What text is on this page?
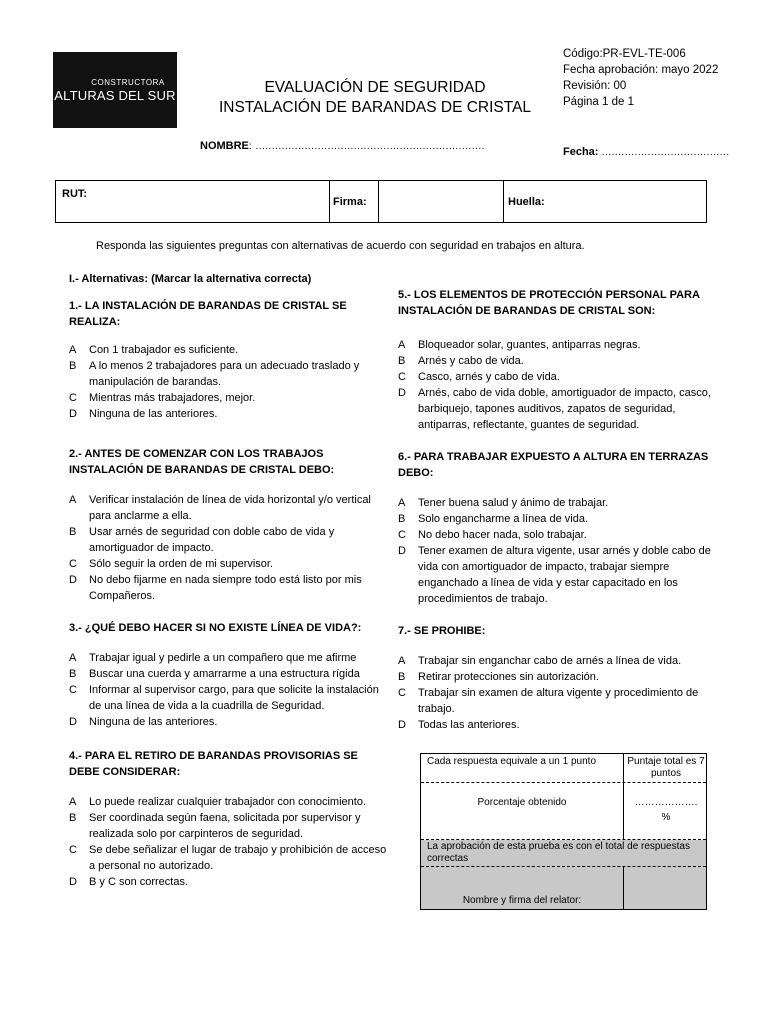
CONSTRUCTORA
ALTURAS DEL SUR	EVALUACIÓN DE SEGURIDAD
INSTALACIÓN DE BARANDAS DE CRISTAL
Código:PR-EVL-TE-006
Fecha aprobación: mayo 2022
Revisión: 00
Página 1 de 1
NOMBRE: ......................................................................	Fecha: .......................................
RUT:
Firma:	Huella:
Responda las siguientes preguntas con alternativas de acuerdo con seguridad en trabajos en altura.
I.- Alternativas: (Marcar la alternativa correcta)
1.- LA INSTALACIÓN DE BARANDAS DE CRISTAL SE REALIZA:
A	Con 1 trabajador es suficiente.
B	A lo menos 2 trabajadores para un adecuado traslado y manipulación de barandas.
C	Mientras más trabajadores, mejor.
D	Ninguna de las anteriores.
2.- ANTES DE COMENZAR CON LOS TRABAJOS INSTALACIÓN DE BARANDAS DE CRISTAL DEBO:
A	Verificar instalación de línea de vida horizontal y/o vertical para anclarme a ella.
B	Usar arnés de seguridad con doble cabo de vida y amortiguador de impacto.
C	Sólo seguir la orden de mi supervisor.
D	No debo fijarme en nada siempre todo está listo por mis Compañeros.
3.- ¿QUÉ DEBO HACER SI NO EXISTE LÍNEA DE VIDA?:
A	Trabajar igual y pedirle a un compañero que me afirme
B	Buscar una cuerda y amarrarme a una estructura rígida
C	Informar al supervisor cargo, para que solicite la instalación de una línea de vida a la cuadrilla de Seguridad.
D	Ninguna de las anteriores.
4.- PARA EL RETIRO DE BARANDAS PROVISORIAS SE DEBE CONSIDERAR:
A	Lo puede realizar cualquier trabajador con conocimiento.
B	Ser coordinada según faena, solicitada por supervisor y realizada solo por carpinteros de seguridad.
C	Se debe señalizar el lugar de trabajo y prohibición de acceso a personal no autorizado.
D	B y C son correctas.
5.- LOS ELEMENTOS DE PROTECCIÓN PERSONAL PARA INSTALACIÓN DE BARANDAS DE CRISTAL SON:
A	Bloqueador solar, guantes, antiparras negras.
B	Arnés y cabo de vida.
C	Casco, arnés y cabo de vida.
D	Arnés, cabo de vida doble, amortiguador de impacto, casco, barbiquejo, tapones auditivos, zapatos de seguridad, antiparras, reflectante, guantes de seguridad.
6.- PARA TRABAJAR EXPUESTO A ALTURA EN TERRAZAS DEBO:
A	Tener buena salud y ánimo de trabajar.
B	Solo engancharme a línea de vida.
C	No debo hacer nada, solo trabajar.
D	Tener examen de altura vigente, usar arnés y doble cabo de vida con amortiguador de impacto, trabajar siempre enganchado a línea de vida y estar capacitado en los procedimientos de trabajo.
7.- SE PROHIBE:
A	Trabajar sin enganchar cabo de arnés a línea de vida.
B	Retirar protecciones sin autorización.
C	Trabajar sin examen de altura vigente y procedimiento de trabajo.
D	Todas las anteriores.
Cada respuesta equivale a un 1 punto	Puntaje total es 7 puntos
Porcentaje obtenido	……………….
%
La aprobación de esta prueba es con el total de respuestas correctas
Nombre y firma del relator:
